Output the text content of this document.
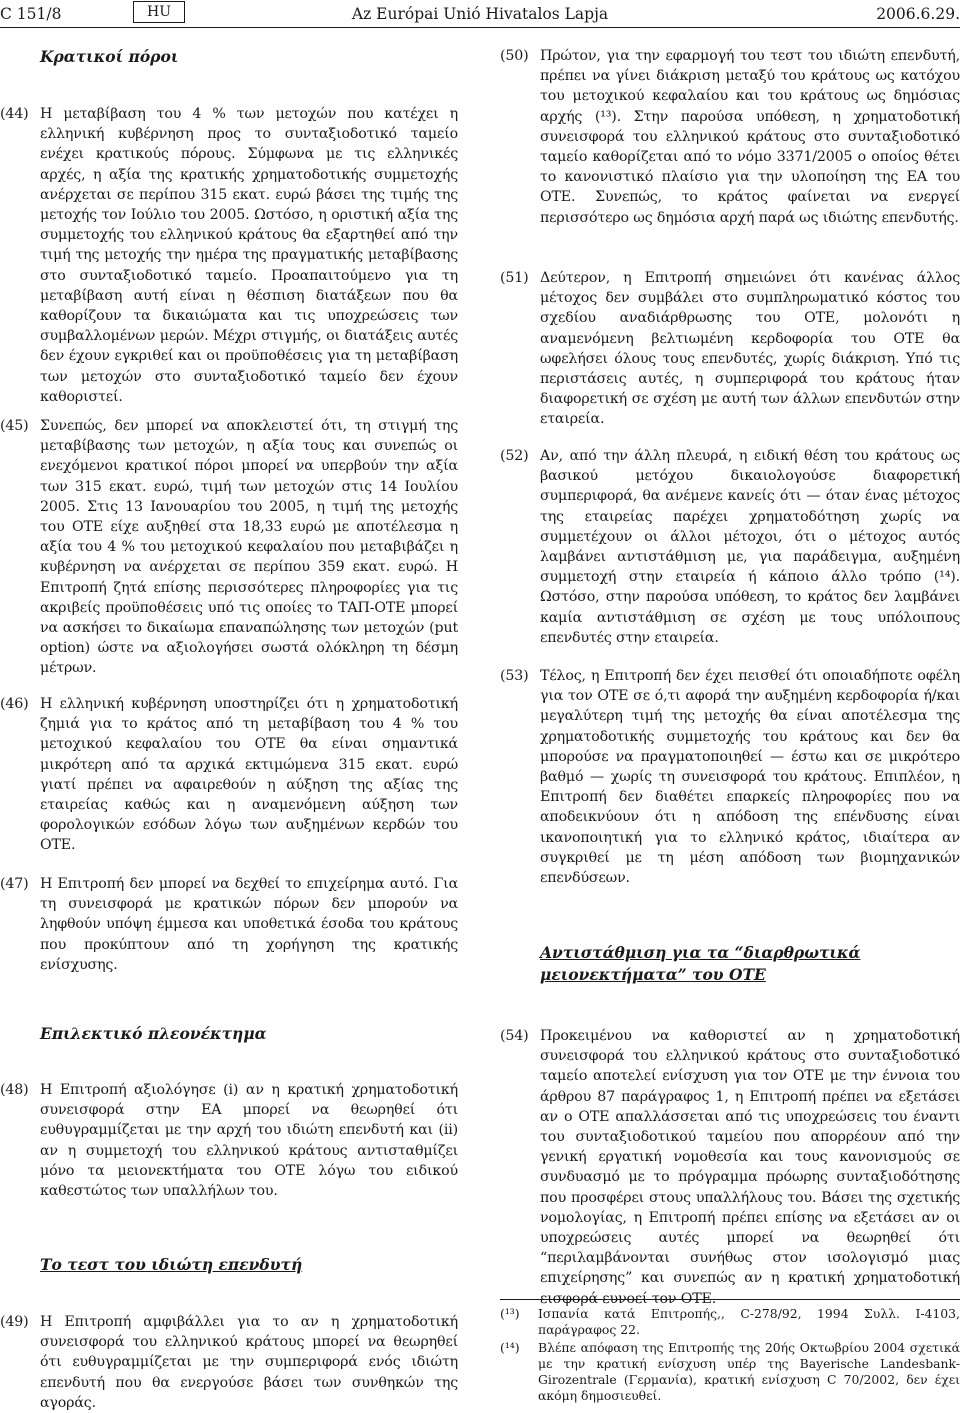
C 151/8	HU	Az Európai Unió Hivatalos Lapja	2006.6.29.
Κρατικοί πόροι
(44) Η μεταβίβαση του 4 % των μετοχών που κατέχει η ελληνική κυβέρνηση προς το συνταξιοδοτικό ταμείο ενέχει κρατικούς πόρους. Σύμφωνα με τις ελληνικές αρχές, η αξία της κρατικής χρηματοδοτικής συμμετοχής ανέρχεται σε περίπου 315 εκατ. ευρώ βάσει της τιμής της μετοχής τον Ιούλιο του 2005. Ωστόσο, η οριστική αξία της συμμετοχής του ελληνικού κράτους θα εξαρτηθεί από την τιμή της μετοχής την ημέρα της πραγματικής μεταβίβασης στο συνταξιοδοτικό ταμείο. Προαπαιτούμενο για τη μεταβίβαση αυτή είναι η θέσπιση διατάξεων που θα καθορίζουν τα δικαιώματα και τις υποχρεώσεις των συμβαλλομένων μερών. Μέχρι στιγμής, οι διατάξεις αυτές δεν έχουν εγκριθεί και οι προϋποθέσεις για τη μεταβίβαση των μετοχών στο συνταξιοδοτικό ταμείο δεν έχουν καθοριστεί.
(45) Συνεπώς, δεν μπορεί να αποκλειστεί ότι, τη στιγμή της μεταβίβασης των μετοχών, η αξία τους και συνεπώς οι ενεχόμενοι κρατικοί πόροι μπορεί να υπερβούν την αξία των 315 εκατ. ευρώ, τιμή των μετοχών στις 14 Ιουλίου 2005. Στις 13 Ιανουαρίου του 2005, η τιμή της μετοχής του ΟΤΕ είχε αυξηθεί στα 18,33 ευρώ με αποτέλεσμα η αξία του 4 % του μετοχικού κεφαλαίου που μεταβιβάζει η κυβέρνηση να ανέρχεται σε περίπου 359 εκατ. ευρώ. Η Επιτροπή ζητά επίσης περισσότερες πληροφορίες για τις ακριβείς προϋποθέσεις υπό τις οποίες το ΤΑΠ-ΟΤΕ μπορεί να ασκήσει το δικαίωμα επαναπώλησης των μετοχών (put option) ώστε να αξιολογήσει σωστά ολόκληρη τη δέσμη μέτρων.
(46) Η ελληνική κυβέρνηση υποστηρίζει ότι η χρηματοδοτική ζημιά για το κράτος από τη μεταβίβαση του 4 % του μετοχικού κεφαλαίου του ΟΤΕ θα είναι σημαντικά μικρότερη από τα αρχικά εκτιμώμενα 315 εκατ. ευρώ γιατί πρέπει να αφαιρεθούν η αύξηση της αξίας της εταιρείας καθώς και η αναμενόμενη αύξηση των φορολογικών εσόδων λόγω των αυξημένων κερδών του ΟΤΕ.
(47) Η Επιτροπή δεν μπορεί να δεχθεί το επιχείρημα αυτό. Για τη συνεισφορά με κρατικών πόρων δεν μπορούν να ληφθούν υπόψη έμμεσα και υποθετικά έσοδα του κράτους που προκύπτουν από τη χορήγηση της κρατικής ενίσχυσης.
Επιλεκτικό πλεονέκτημα
(48) Η Επιτροπή αξιολόγησε (i) αν η κρατική χρηματοδοτική συνεισφορά στην ΕΑ μπορεί να θεωρηθεί ότι ευθυγραμμίζεται με την αρχή του ιδιώτη επενδυτή και (ii) αν η συμμετοχή του ελληνικού κράτους αντισταθμίζει μόνο τα μειονεκτήματα του ΟΤΕ λόγω του ειδικού καθεστώτος των υπαλλήλων του.
Το τεστ του ιδιώτη επενδυτή
(49) Η Επιτροπή αμφιβάλλει για το αν η χρηματοδοτική συνεισφορά του ελληνικού κράτους μπορεί να θεωρηθεί ότι ευθυγραμμίζεται με την συμπεριφορά ενός ιδιώτη επενδυτή που θα ενεργούσε βάσει των συνθηκών της αγοράς.
(50) Πρώτον, για την εφαρμογή του τεστ του ιδιώτη επενδυτή, πρέπει να γίνει διάκριση μεταξύ του κράτους ως κατόχου του μετοχικού κεφαλαίου και του κράτους ως δημόσιας αρχής (¹³). Στην παρούσα υπόθεση, η χρηματοδοτική συνεισφορά του ελληνικού κράτους στο συνταξιοδοτικό ταμείο καθορίζεται από το νόμο 3371/2005 ο οποίος θέτει το κανονιστικό πλαίσιο για την υλοποίηση της ΕΑ του ΟΤΕ. Συνεπώς, το κράτος φαίνεται να ενεργεί περισσότερο ως δημόσια αρχή παρά ως ιδιώτης επενδυτής.
(51) Δεύτερον, η Επιτροπή σημειώνει ότι κανένας άλλος μέτοχος δεν συμβάλει στο συμπληρωματικό κόστος του σχεδίου αναδιάρθρωσης του ΟΤΕ, μολονότι η αναμενόμενη βελτιωμένη κερδοφορία του ΟΤΕ θα ωφελήσει όλους τους επενδυτές, χωρίς διάκριση. Υπό τις περιστάσεις αυτές, η συμπεριφορά του κράτους ήταν διαφορετική σε σχέση με αυτή των άλλων επενδυτών στην εταιρεία.
(52) Αν, από την άλλη πλευρά, η ειδική θέση του κράτους ως βασικού μετόχου δικαιολογούσε διαφορετική συμπεριφορά, θα ανέμενε κανείς ότι — όταν ένας μέτοχος της εταιρείας παρέχει χρηματοδότηση χωρίς να συμμετέχουν οι άλλοι μέτοχοι, ότι ο μέτοχος αυτός λαμβάνει αντιστάθμιση με, για παράδειγμα, αυξημένη συμμετοχή στην εταιρεία ή κάποιο άλλο τρόπο (¹⁴). Ωστόσο, στην παρούσα υπόθεση, το κράτος δεν λαμβάνει καμία αντιστάθμιση σε σχέση με τους υπόλοιπους επενδυτές στην εταιρεία.
(53) Τέλος, η Επιτροπή δεν έχει πεισθεί ότι οποιαδήποτε οφέλη για τον ΟΤΕ σε ό,τι αφορά την αυξημένη κερδοφορία ή/και μεγαλύτερη τιμή της μετοχής θα είναι αποτέλεσμα της χρηματοδοτικής συμμετοχής του κράτους και δεν θα μπορούσε να πραγματοποιηθεί — έστω και σε μικρότερο βαθμό — χωρίς τη συνεισφορά του κράτους. Επιπλέον, η Επιτροπή δεν διαθέτει επαρκείς πληροφορίες που να αποδεικνύουν ότι η απόδοση της επένδυσης είναι ικανοποιητική για το ελληνικό κράτος, ιδιαίτερα αν συγκριθεί με τη μέση απόδοση των βιομηχανικών επενδύσεων.
Αντιστάθμιση για τα “διαρθρωτικά μειονεκτήματα” του ΟΤΕ
(54) Προκειμένου να καθοριστεί αν η χρηματοδοτική συνεισφορά του ελληνικού κράτους στο συνταξιοδοτικό ταμείο αποτελεί ενίσχυση για τον ΟΤΕ με την έννοια του άρθρου 87 παράγραφος 1, η Επιτροπή πρέπει να εξετάσει αν ο ΟΤΕ απαλλάσσεται από τις υποχρεώσεις του έναντι του συνταξιοδοτικού ταμείου που απορρέουν από την γενική εργατική νομοθεσία και τους κανονισμούς σε συνδυασμό με το πρόγραμμα πρόωρης συνταξιοδότησης που προσφέρει στους υπαλλήλους του. Βάσει της σχετικής νομολογίας, η Επιτροπή πρέπει επίσης να εξετάσει αν οι υποχρεώσεις αυτές μπορεί να θεωρηθεί ότι “περιλαμβάνονται συνήθως στον ισολογισμό μιας επιχείρησης” και συνεπώς αν η κρατική χρηματοδοτική εισφορά ευνοεί τον ΟΤΕ.
(¹³) Ισπανία κατά Επιτροπής,, C-278/92, 1994 Συλλ. I-4103, παράγραφος 22.
(¹⁴) Βλέπε απόφαση της Επιτροπής της 20ής Οκτωβρίου 2004 σχετικά με την κρατική ενίσχυση υπέρ της Bayerische Landesbank-Girozentrale (Γερμανία), κρατική ενίσχυση C 70/2002, δεν έχει ακόμη δημοσιευθεί.
